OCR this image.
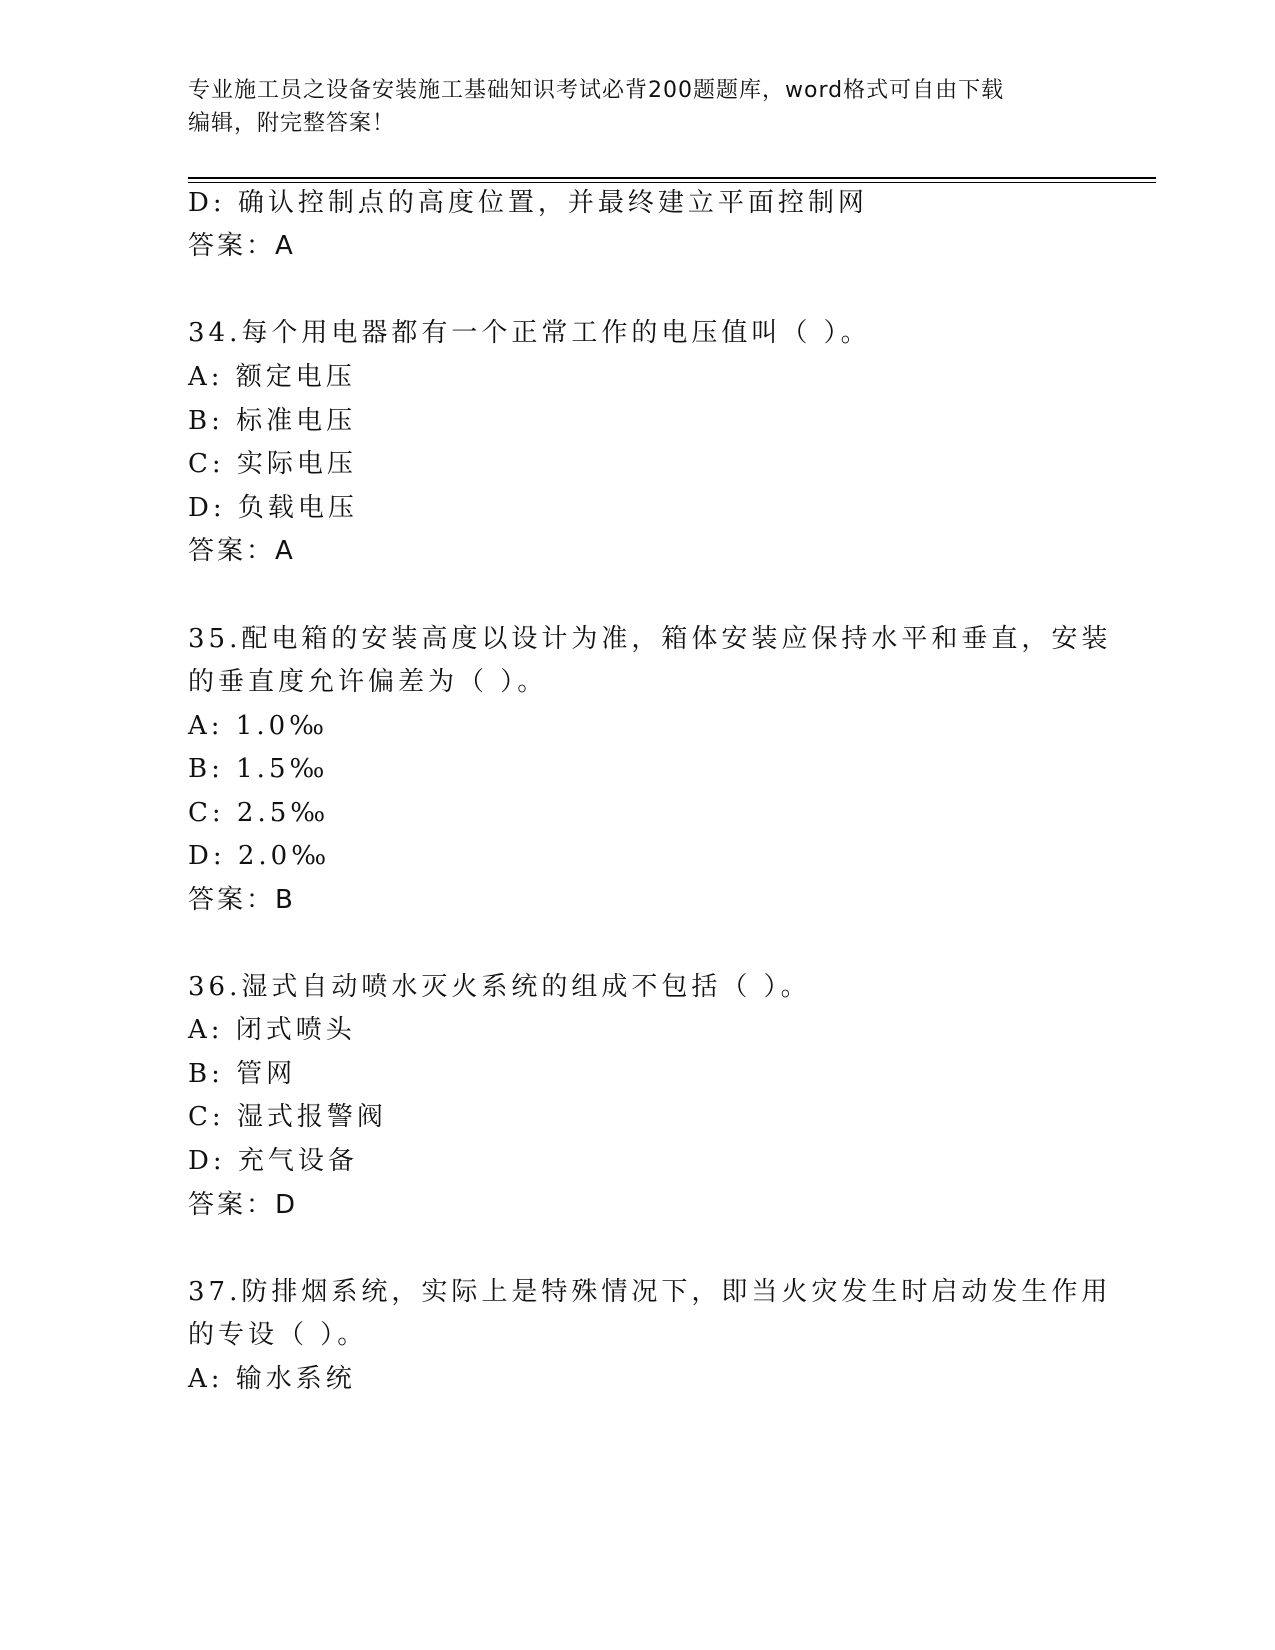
专业施工员之设备安装施工基础知识考试必背200题题库，word格式可自由下载
编辑，附完整答案！
D: 确认控制点的高度位置，并最终建立平面控制网
答案：A
34.每个用电器都有一个正常工作的电压值叫（ ）。
A: 额定电压
B: 标准电压
C: 实际电压
D: 负载电压
答案：A
35.配电箱的安装高度以设计为准，箱体安装应保持水平和垂直，安装
的垂直度允许偏差为（ ）。
A: 1.0‰
B: 1.5‰
C: 2.5‰
D: 2.0‰
答案：B
36.湿式自动喷水灭火系统的组成不包括（ ）。
A: 闭式喷头
B: 管网
C: 湿式报警阀
D: 充气设备
答案：D
37.防排烟系统，实际上是特殊情况下，即当火灾发生时启动发生作用
的专设（ ）。
A: 输水系统
